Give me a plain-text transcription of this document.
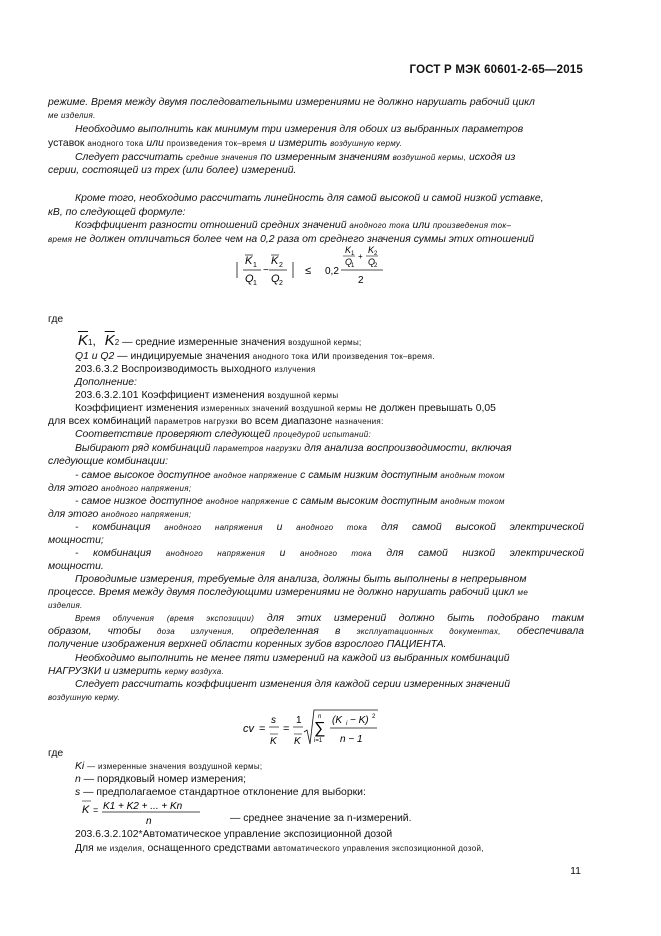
ГОСТ Р МЭК 60601-2-65—2015
режиме. Время между двумя последовательными измерениями не должно нарушать рабочий цикл
ме изделия.
Необходимо выполнить как минимум три измерения для обоих из выбранных параметров
уставок анодного тока или произведения ток–время и измерить воздушную керму.
Следует рассчитать средние значения по измеренным значениям воздушной кермы, исходя из
серии, состоящей из трех (или более) измерений.
Кроме того, необходимо рассчитать линейность для самой высокой и самой низкой уставке,
кВ, по следующей формуле:
Коэффициент разности отношений средних значений анодного тока или произведения ток–
время не должен отличаться более чем на 0,2 раза от среднего значения суммы этих отношений
K 1
Q 1
−
K 2
Q 2
≤ 0,2
K 1
Q
1
+
K 2
Q
2
2
где
$\overline{K}1$, $\overline{K}2$ — средние измеренные значения воздушной кермы;
Q1 и Q2 — индицируемые значения анодного тока или произведения ток–время.
203.6.3.2 Воспроизводимость выходного излучения
Дополнение:
203.6.3.2.101 Коэффициент изменения воздушной кермы
Коэффициент изменения измеренных значений воздушной кермы не должен превышать 0,05
для всех комбинаций параметров нагрузки во всем диапазоне назначения:
Соответствие проверяют следующей процедурой испытаний:
Выбирают ряд комбинаций параметров нагрузки для анализа воспроизводимости, включая
следующие комбинации:
- самое высокое доступное анодное напряжение с самым низким доступным анодным током
для этого анодного напряжения;
- самое низкое доступное анодное напряжение с самым высоким доступным анодным током
для этого анодного напряжения;
- комбинация анодного напряжения и анодного тока для самой высокой электрической
мощности;
- комбинация анодного напряжения и анодного тока для самой низкой электрической
мощности.
Проводимые измерения, требуемые для анализа, должны быть выполнены в непрерывном
процессе. Время между двумя последующими измерениями не должно нарушать рабочий цикл ме
изделия.
Время облучения (время экспозиции) для этих измерений должно быть подобрано таким
образом, чтобы доза излучения, определенная в эксплуатационных документах, обеспечивала
получение изображения верхней области коренных зубов взрослого ПАЦИЕНТА.
Необходимо выполнить не менее пяти измерений на каждой из выбранных комбинаций
НАГРУЗКИ и измерить керму воздуха.
Следует рассчитать коэффициент изменения для каждой серии измеренных значений
воздушную керму.
cv =
s
K
=
1
K
n
∑
i=1
(K i − K) 2
n − 1
где
Ki — измеренные значения воздушной кермы;
n — порядковый номер измерения;
s — предполагаемое стандартное отклонение для выборки:
K = K1 + K2 + ... + Kn
n	— среднее значение за n-измерений.
203.6.3.2.102*Автоматическое управление экспозиционной дозой
Для ме изделия, оснащенного средствами автоматического управления экспозиционной дозой,
11
